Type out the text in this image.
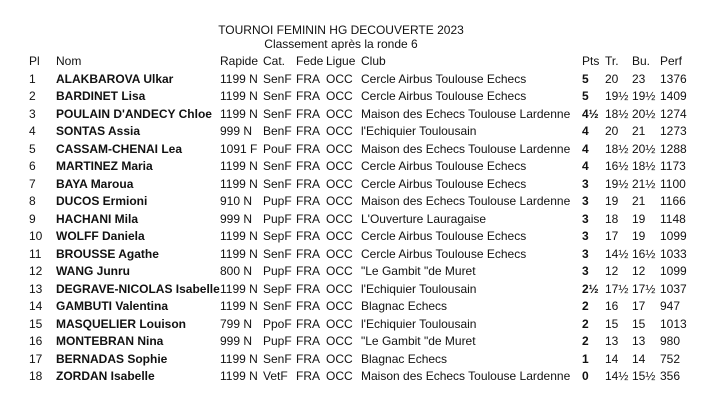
TOURNOI FEMININ HG DECOUVERTE 2023
Classement après la ronde 6
Pl	Nom	Rapide	Cat.	Fede	Ligue	Club	Pts	Tr.	Bu.	Perf
1	ALAKBAROVA Ulkar	1199 N	SenF	FRA	OCC	Cercle Airbus Toulouse Echecs	5	20	23	1376
2	BARDINET Lisa	1199 N	SenF	FRA	OCC	Cercle Airbus Toulouse Echecs	5	19½	19½	1409
3	POULAIN D'ANDECY Chloe	1199 N	SenF	FRA	OCC	Maison des Echecs Toulouse Lardenne	4½	18½	20½	1274
4	SONTAS Assia	999 N	BenF	FRA	OCC	l'Echiquier Toulousain	4	20	21	1273
5	CASSAM-CHENAI Lea	1091 F	PouF	FRA	OCC	Maison des Echecs Toulouse Lardenne	4	18½	20½	1288
6	MARTINEZ Maria	1199 N	SenF	FRA	OCC	Cercle Airbus Toulouse Echecs	4	16½	18½	1173
7	BAYA Maroua	1199 N	SenF	FRA	OCC	Cercle Airbus Toulouse Echecs	3	19½	21½	1100
8	DUCOS Ermioni	910 N	PupF	FRA	OCC	Maison des Echecs Toulouse Lardenne	3	19	21	1166
9	HACHANI Mila	999 N	PupF	FRA	OCC	L'Ouverture Lauragaise	3	18	19	1148
10	WOLFF Daniela	1199 N	SepF	FRA	OCC	Cercle Airbus Toulouse Echecs	3	17	19	1099
11	BROUSSE Agathe	1199 N	SenF	FRA	OCC	Cercle Airbus Toulouse Echecs	3	14½	16½	1033
12	WANG Junru	800 N	PupF	FRA	OCC	"Le Gambit "de Muret	3	12	12	1099
13	DEGRAVE-NICOLAS Isabelle	1199 N	SepF	FRA	OCC	l'Echiquier Toulousain	2½	17½	17½	1037
14	GAMBUTI Valentina	1199 N	SenF	FRA	OCC	Blagnac Echecs	2	16	17	947
15	MASQUELIER Louison	799 N	PpoF	FRA	OCC	l'Echiquier Toulousain	2	15	15	1013
16	MONTEBRAN Nina	999 N	PupF	FRA	OCC	"Le Gambit "de Muret	2	13	13	980
17	BERNADAS Sophie	1199 N	SenF	FRA	OCC	Blagnac Echecs	1	14	14	752
18	ZORDAN Isabelle	1199 N	VetF	FRA	OCC	Maison des Echecs Toulouse Lardenne	0	14½	15½	356
